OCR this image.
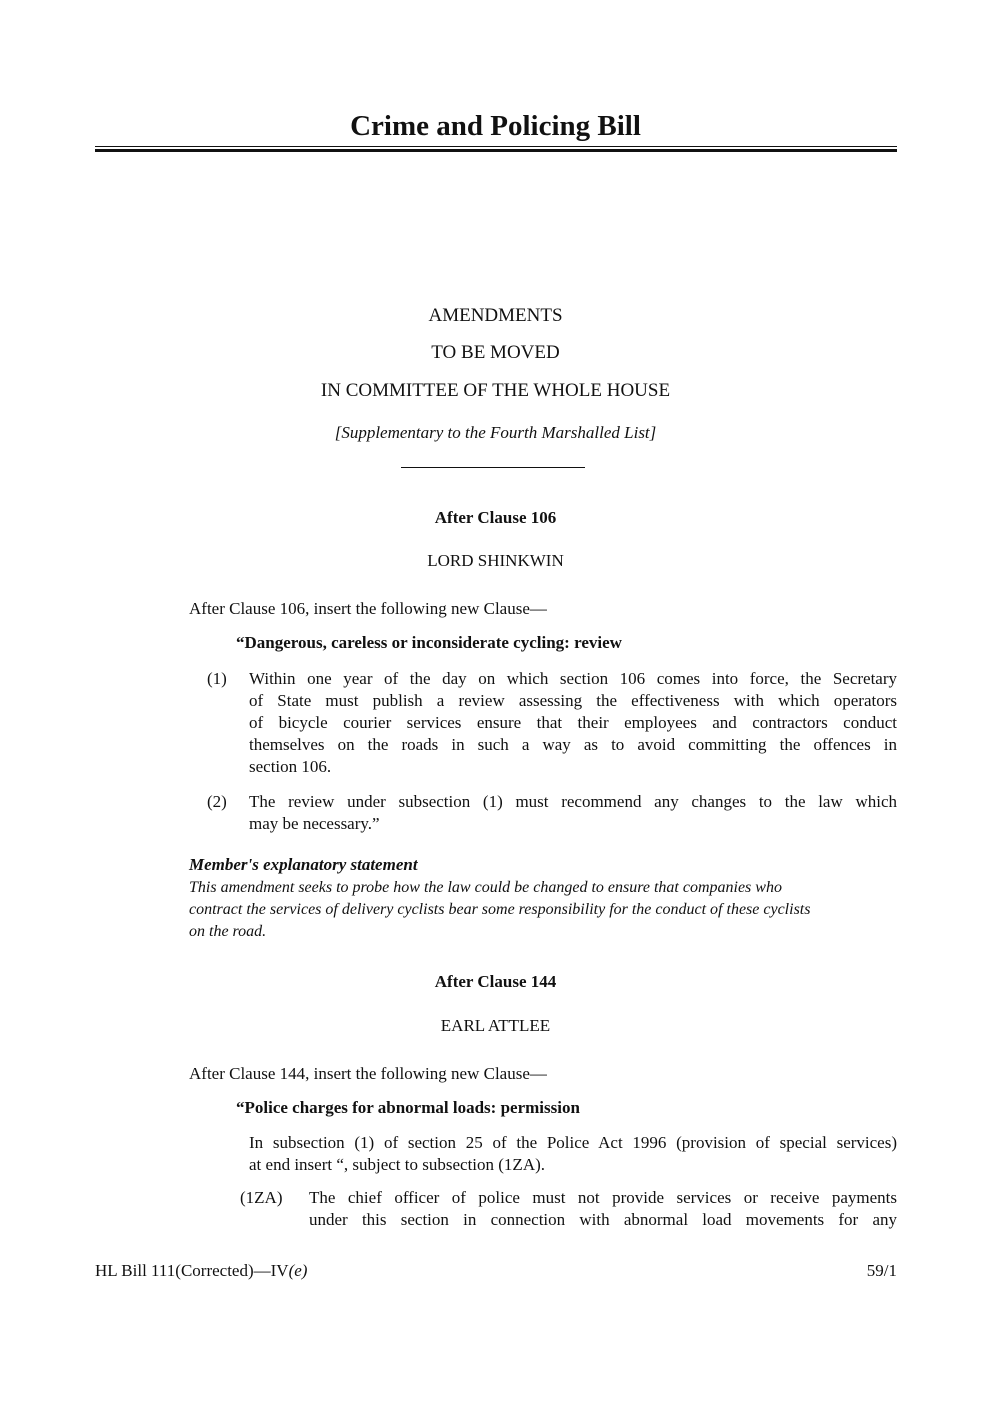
Crime and Policing Bill
AMENDMENTS
TO BE MOVED
IN COMMITTEE OF THE WHOLE HOUSE
[Supplementary to the Fourth Marshalled List]
After Clause 106
LORD SHINKWIN
After Clause 106, insert the following new Clause—
“Dangerous, careless or inconsiderate cycling: review
(1)	Within one year of the day on which section 106 comes into force, the Secretary
of State must publish a review assessing the effectiveness with which operators
of bicycle courier services ensure that their employees and contractors conduct
themselves on the roads in such a way as to avoid committing the offences in
section 106.
(2)	The review under subsection (1) must recommend any changes to the law which
may be necessary.”
Member's explanatory statement
This amendment seeks to probe how the law could be changed to ensure that companies who
contract the services of delivery cyclists bear some responsibility for the conduct of these cyclists
on the road.
After Clause 144
EARL ATTLEE
After Clause 144, insert the following new Clause—
“Police charges for abnormal loads: permission
In subsection (1) of section 25 of the Police Act 1996 (provision of special services)
at end insert “, subject to subsection (1ZA).
(1ZA)	The chief officer of police must not provide services or receive payments
under this section in connection with abnormal load movements for any
HL Bill 111(Corrected)—IV(e)	59/1
